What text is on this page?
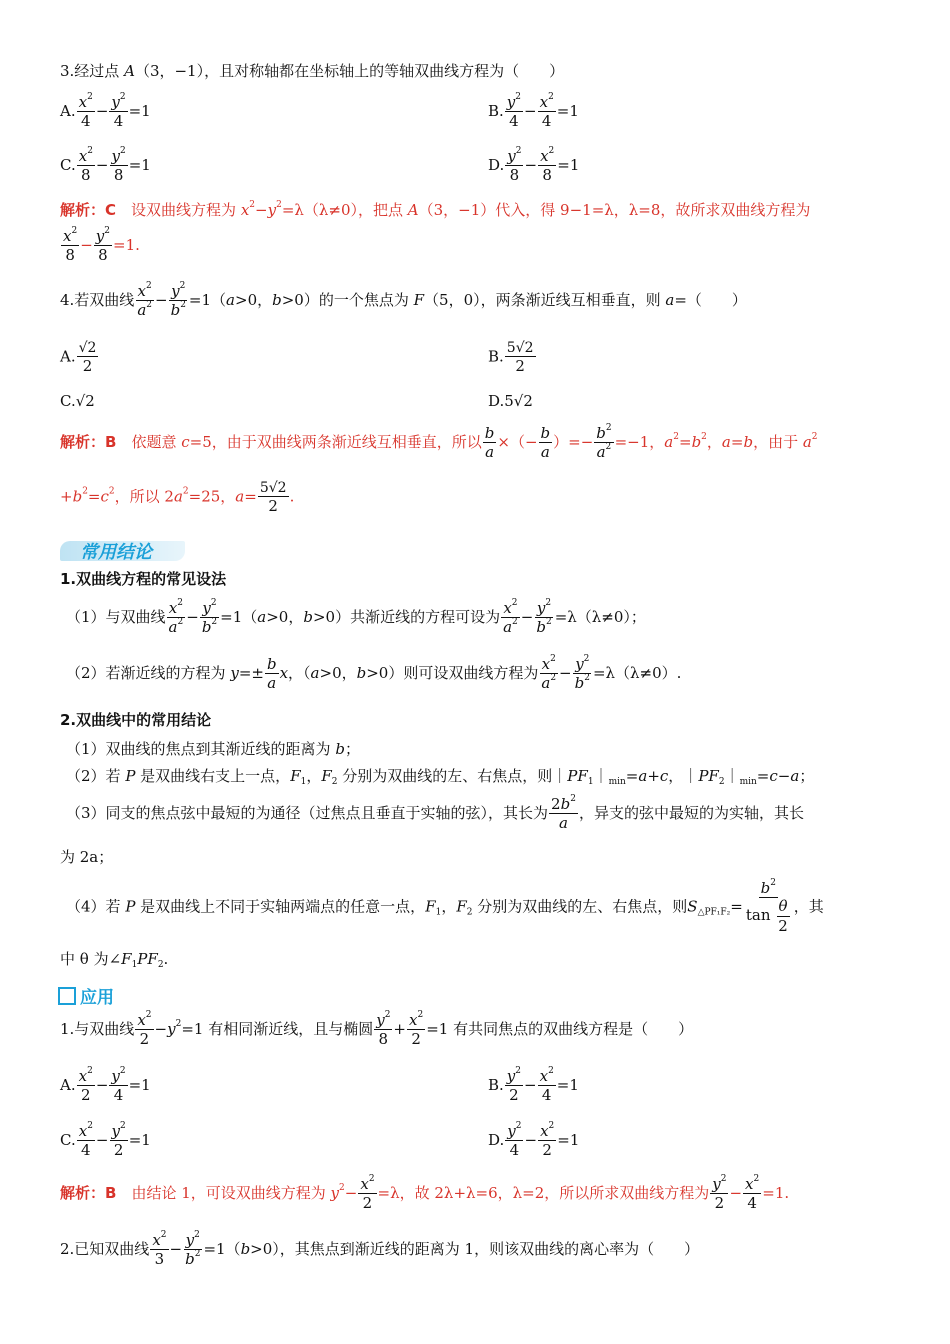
3.经过点 A（3，−1），且对称轴都在坐标轴上的等轴双曲线方程为（　　）
A. $\frac{x^2}{4} - \frac{y^2}{4} =1$	B. $\frac{y^2}{4} - \frac{x^2}{4} =1$
C. $\frac{x^2}{8} - \frac{y^2}{8} =1$	D. $\frac{y^2}{8} - \frac{x^2}{8} =1$
解析：C　设双曲线方程为 $x^2-y^2=\lambda(\lambda\ne 0)$，把点 A（3，−1）代入，得 9−1=λ，λ=8，故所求双曲线方程为
$\frac{x^2}{8} - \frac{y^2}{8} =1$.
4.若双曲线 $\frac{x^2}{a^2} - \frac{y^2}{b^2} =1(a>0$，b>0）的一个焦点为 F（5，0），两条渐近线互相垂直，则 a=（　　）
A. $\frac{√2}{2}$	B. $\frac{5√2}{2}$
C.√2	D.5√2
解析：B　依题意 c=5，由于双曲线两条渐近线互相垂直，所以 $\frac{b}{a}$ ×（− $\frac{b}{a}$ ）=− $\frac{b^2}{a^2} =-1$，$a^2=b^2$，a=b，由于 $a^2$
$+b^2=c^2$，所以 $2a^2=25$，$a= \frac{5√2}{2}$ .
常用结论
1.双曲线方程的常见设法
（1）与双曲线 $\frac{x^2}{a^2} - \frac{y^2}{b^2} =1(a>0$，b>0）共渐近线的方程可设为 $\frac{x^2}{a^2} - \frac{y^2}{b^2} =\lambda(\lambda\ne 0)$；
（2）若渐近线的方程为 $y=\pm \frac{b}{a}$ x，（a>0，b>0）则可设双曲线方程为 $\frac{x^2}{a^2} - \frac{y^2}{b^2} =\lambda(\lambda\ne 0)$.
2.双曲线中的常用结论
（1）双曲线的焦点到其渐近线的距离为 b；
（2）若 P 是双曲线右支上一点，$F_1$，$F_2$ 分别为双曲线的左、右焦点，则$|PF_1|_{min}=a+c$，$|PF_2|_{min}=c-a$；
（3）同支的焦点弦中最短的为通径（过焦点且垂直于实轴的弦），其长为 $\frac{2b^2}{a}$ ，异支的弦中最短的为实轴，其长
为 2a；
（4）若 P 是双曲线上不同于实轴两端点的任意一点，$F_1$，$F_2$ 分别为双曲线的左、右焦点，则$S_{\triangle PF_1F_2}= \frac{b^2}{\tan \frac{\theta}{2}}$ ，其
中 θ 为$\angle F_1PF_2$.
应用
1.与双曲线 $\frac{x^2}{2} -y^2=1$ 有相同渐近线，且与椭圆 $\frac{y^2}{8} + \frac{x^2}{2} =1$ 有共同焦点的双曲线方程是（　　）
A. $\frac{x^2}{2} - \frac{y^2}{4} =1$	B. $\frac{y^2}{2} - \frac{x^2}{4} =1$
C. $\frac{x^2}{4} - \frac{y^2}{2} =1$	D. $\frac{y^2}{4} - \frac{x^2}{2} =1$
解析：B　由结论 1，可设双曲线方程为 $y^2- \frac{x^2}{2} =\lambda$，故 2λ+λ=6，λ=2，所以所求双曲线方程为 $\frac{y^2}{2} - \frac{x^2}{4} =1$.
2.已知双曲线 $\frac{x^2}{3} - \frac{y^2}{b^2} =1(b>0)$，其焦点到渐近线的距离为 1，则该双曲线的离心率为（　　）
